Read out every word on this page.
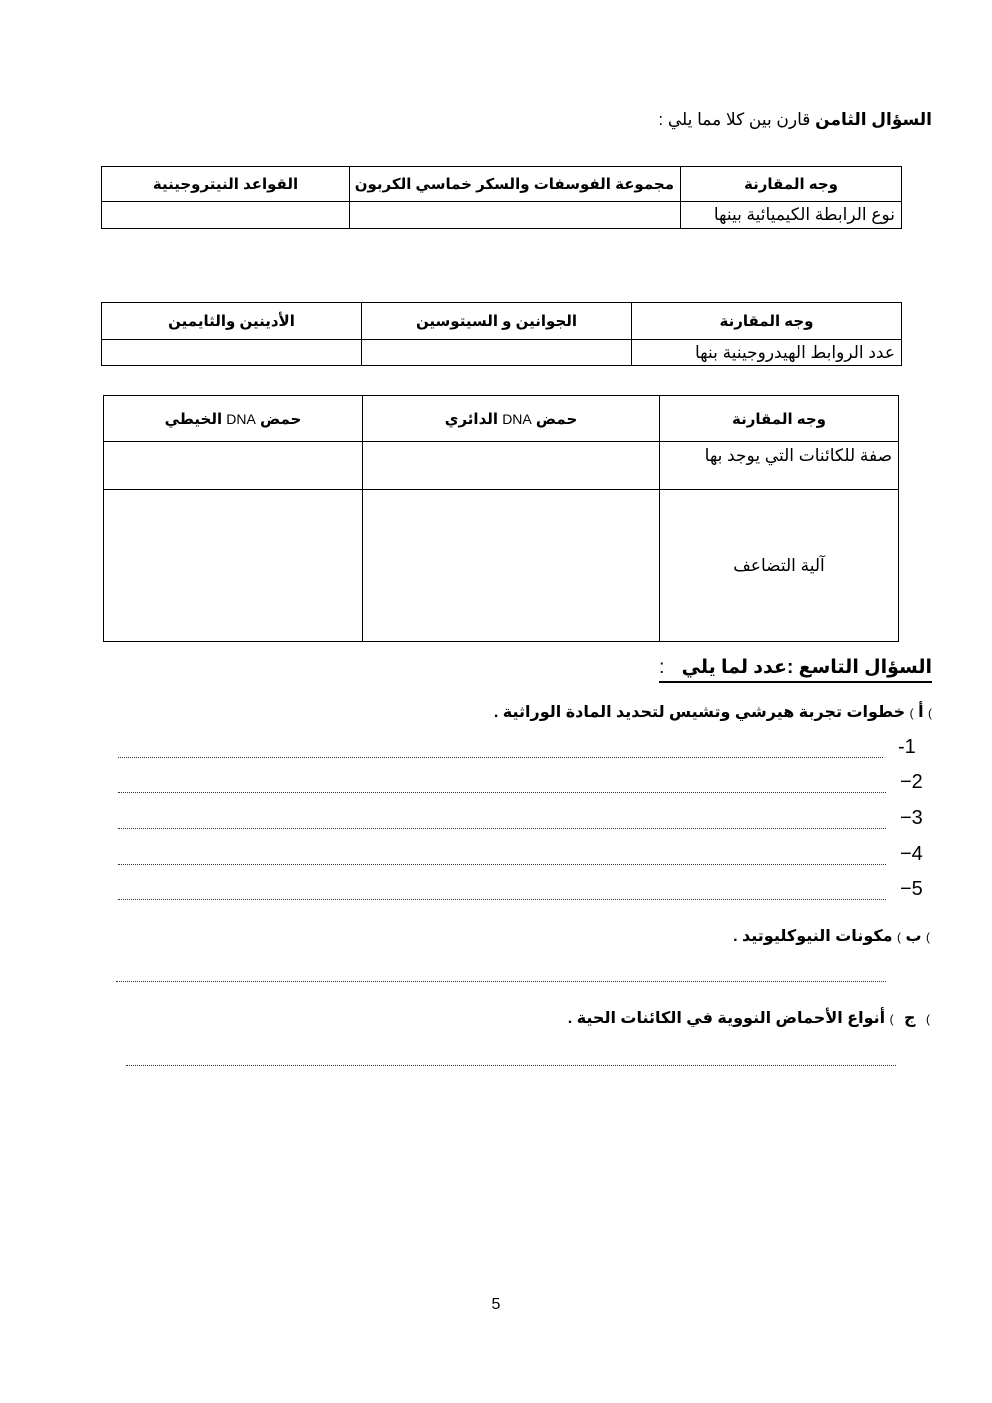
السؤال الثامن قارن بين كلا مما يلي :
وجه المقارنة	مجموعة الفوسفات والسكر خماسي الكربون	القواعد النيتروجينية
نوع الرابطة الكيميائية بينها		
وجه المقارنة	الجوانين و السيتوسين	الأدينين والثايمين
عدد الروابط الهيدروجينية بنها		
وجه المقارنة	حمض DNA الدائري	حمض DNA الخيطي
صفة للكائنات التي يوجد بها		
آلية التضاعف		
السؤال التاسع :عدد لما يلي :
) أ ) خطوات تجربة هيرشي وتشيس لتحديد المادة الوراثية .
-1
−2
−3
−4
−5
) ب ) مكونات النيوكليوتيد .
) ج ) أنواع الأحماض النووية في الكائنات الحية .
5
